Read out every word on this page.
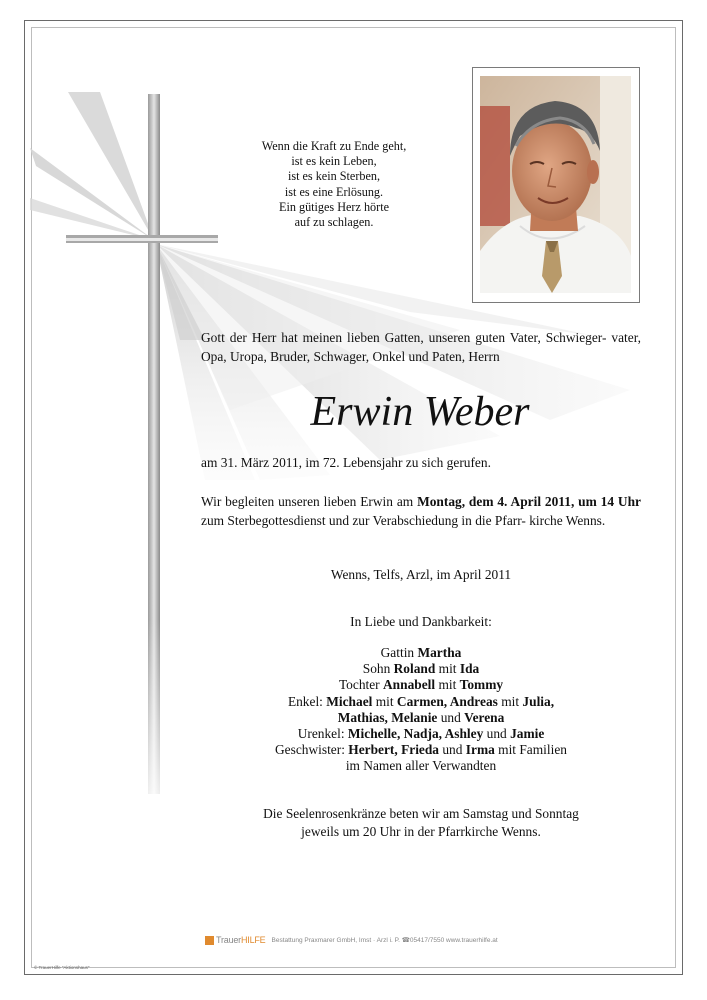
Wenn die Kraft zu Ende geht,
ist es kein Leben,
ist es kein Sterben,
ist es eine Erlösung.
Ein gütiges Herz hörte
auf zu schlagen.
Gott der Herr hat meinen lieben Gatten, unseren guten Vater, Schwieger- vater, Opa, Uropa, Bruder, Schwager, Onkel und Paten, Herrn
Erwin Weber
am 31. März 2011, im 72. Lebensjahr zu sich gerufen.
Wir begleiten unseren lieben Erwin am Montag, dem 4. April 2011, um 14 Uhr zum Sterbegottesdienst und zur Verabschiedung in die Pfarr- kirche Wenns.
Wenns, Telfs, Arzl, im April 2011
In Liebe und Dankbarkeit:
Gattin Martha
Sohn Roland mit Ida
Tochter Annabell mit Tommy
Enkel: Michael mit Carmen, Andreas mit Julia,
Mathias, Melanie und Verena
Urenkel: Michelle, Nadja, Ashley und Jamie
Geschwister: Herbert, Frieda und Irma mit Familien
im Namen aller Verwandten
Die Seelenrosenkränze beten wir am Samstag und Sonntag
jeweils um 20 Uhr in der Pfarrkirche Wenns.
TrauerHILFE Bestattung Praxmarer GmbH, Imst · Arzl i. P. ☎05417/7550 www.trauerhilfe.at
© TrauerHilfe "Aktionshaus"
